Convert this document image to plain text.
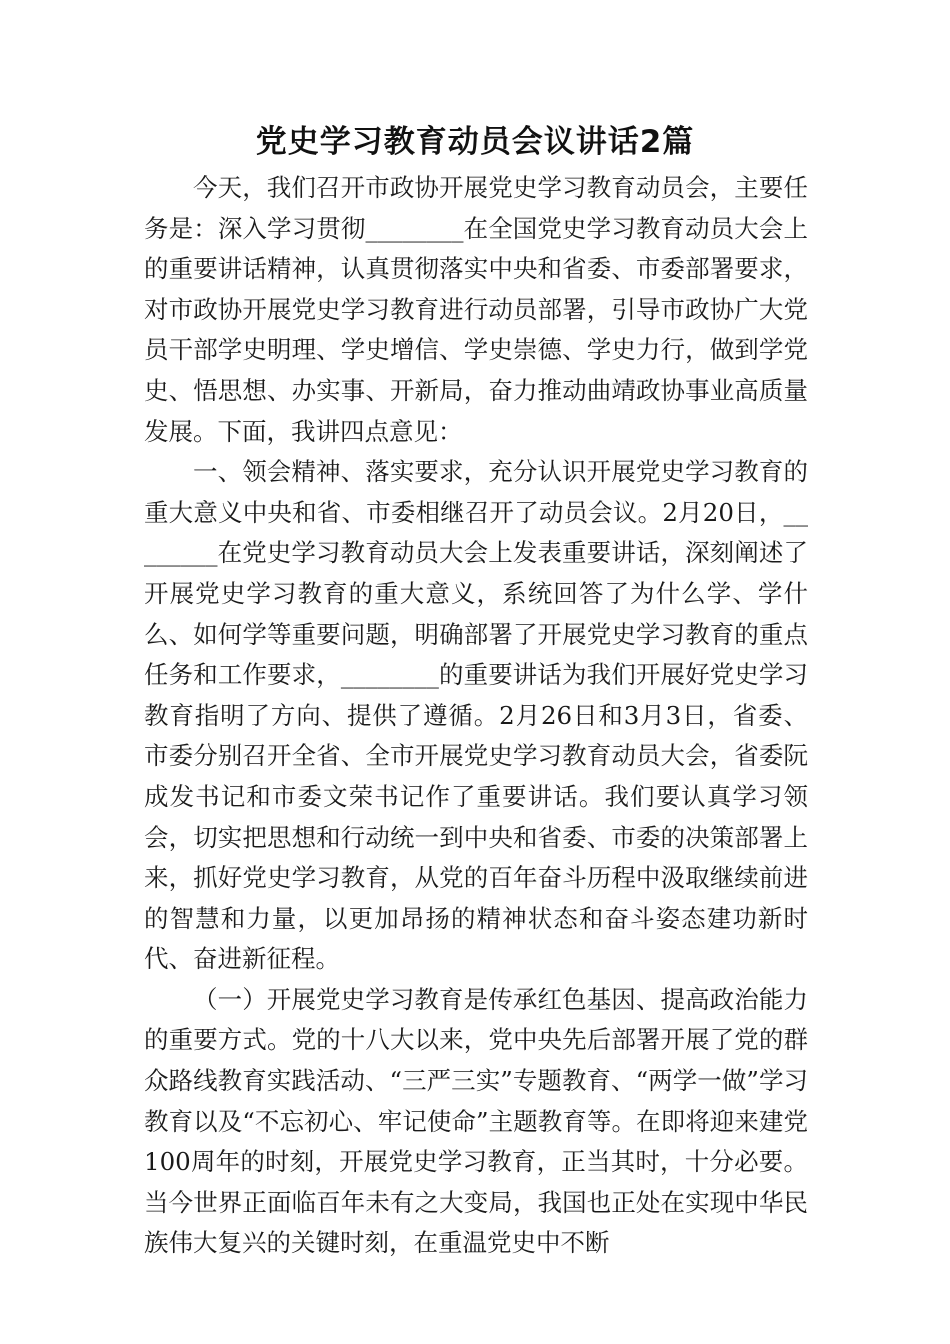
党史学习教育动员会议讲话2篇

今天，我们召开市政协开展党史学习教育动员会，主要任务是：深入学习贯彻________在全国党史学习教育动员大会上的重要讲话精神，认真贯彻落实中央和省委、市委部署要求，对市政协开展党史学习教育进行动员部署，引导市政协广大党员干部学史明理、学史增信、学史崇德、学史力行，做到学党史、悟思想、办实事、开新局，奋力推动曲靖政协事业高质量发展。下面，我讲四点意见：

一、领会精神、落实要求，充分认识开展党史学习教育的重大意义中央和省、市委相继召开了动员会议。2月20日，________在党史学习教育动员大会上发表重要讲话，深刻阐述了开展党史学习教育的重大意义，系统回答了为什么学、学什么、如何学等重要问题，明确部署了开展党史学习教育的重点任务和工作要求，________的重要讲话为我们开展好党史学习教育指明了方向、提供了遵循。2月26日和3月3日，省委、市委分别召开全省、全市开展党史学习教育动员大会，省委阮成发书记和市委文荣书记作了重要讲话。我们要认真学习领会，切实把思想和行动统一到中央和省委、市委的决策部署上来，抓好党史学习教育，从党的百年奋斗历程中汲取继续前进的智慧和力量，以更加昂扬的精神状态和奋斗姿态建功新时代、奋进新征程。

（一）开展党史学习教育是传承红色基因、提高政治能力的重要方式。党的十八大以来，党中央先后部署开展了党的群众路线教育实践活动、“三严三实”专题教育、“两学一做”学习教育以及“不忘初心、牢记使命”主题教育等。在即将迎来建党100周年的时刻，开展党史学习教育，正当其时，十分必要。当今世界正面临百年未有之大变局，我国也正处在实现中华民族伟大复兴的关键时刻，在重温党史中不断
